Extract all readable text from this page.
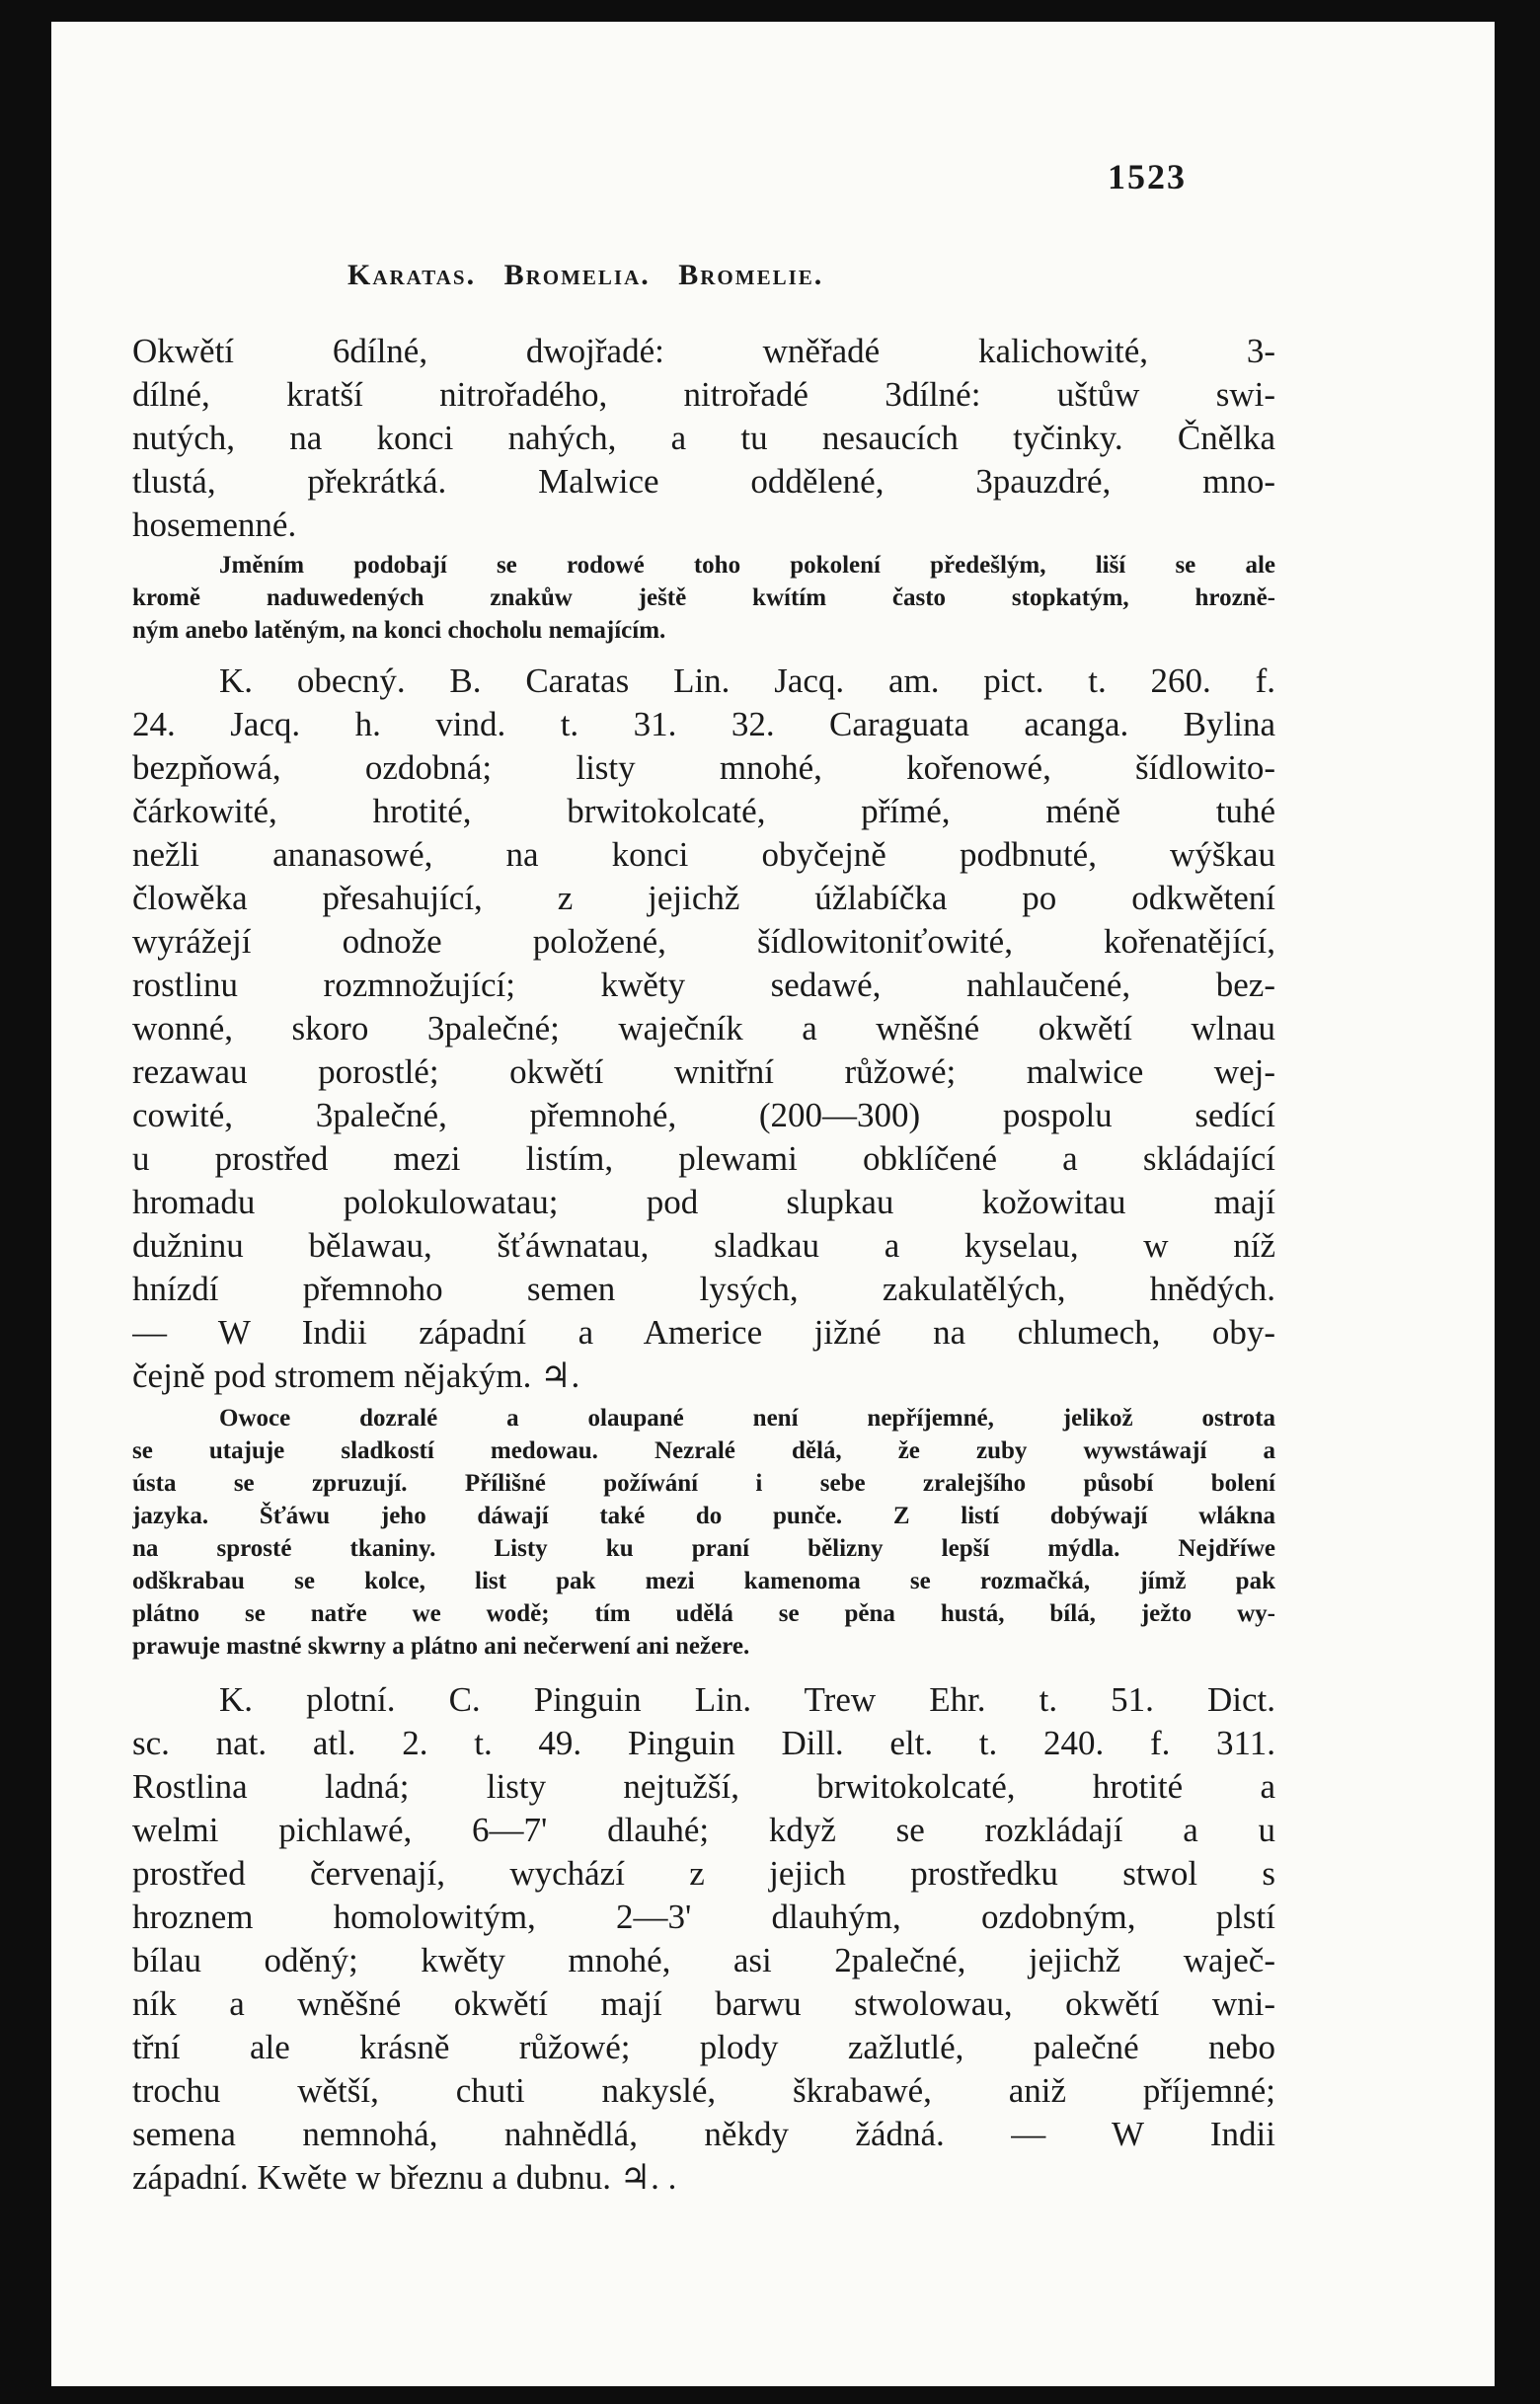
1523
Karatas.   Bromelia.   Bromelie.
Okwětí 6dílné, dwojřadé: wněřadé kalichowité, 3-
dílné, kratší nitrořadého, nitrořadé 3dílné: uštůw swi-
nutých, na konci nahých, a tu nesaucích tyčinky. Čnělka
tlustá, překrátká. Malwice oddělené, 3pauzdré, mno-
hosemenné.
Jměním podobají se rodowé toho pokolení předešlým, liší se ale
kromě naduwedených znakůw ještě kwítím často stopkatým, hrozně-
ným anebo latěným, na konci chocholu nemajícím.
K. obecný. B. Caratas Lin. Jacq. am. pict. t. 260. f.
24. Jacq. h. vind. t. 31. 32. Caraguata acanga. Bylina
bezpňowá, ozdobná; listy mnohé, kořenowé, šídlowito-
čárkowité, hrotité, brwitokolcaté, přímé, méně tuhé
nežli ananasowé, na konci obyčejně podbnuté, wýškau
člowěka přesahující, z jejichž úžlabíčka po odkwětení
wyrážejí odnože položené, šídlowitoniťowité, kořenatějící,
rostlinu rozmnožující; kwěty sedawé, nahlaučené, bez-
wonné, skoro 3palečné; waječník a wněšné okwětí wlnau
rezawau porostlé; okwětí wnitřní růžowé; malwice wej-
cowité, 3palečné, přemnohé, (200—300) pospolu sedící
u prostřed mezi listím, plewami obklíčené a skládající
hromadu polokulowatau; pod slupkau kožowitau mají
dužninu bělawau, šťáwnatau, sladkau a kyselau, w níž
hnízdí přemnoho semen lysých, zakulatělých, hnědých.
— W Indii západní a Americe jižné na chlumech, oby-
čejně pod stromem nějakým. ♃.
Owoce dozralé a olaupané není nepříjemné, jelikož ostrota
se utajuje sladkostí medowau. Nezralé dělá, že zuby wywstáwají a
ústa se zpruzují. Přílišné požíwání i sebe zralejšího působí bolení
jazyka. Šťáwu jeho dáwají také do punče. Z listí dobýwají wlákna
na sprosté tkaniny. Listy ku praní bělizny lepší mýdla. Nejdříwe
odškrabau se kolce, list pak mezi kamenoma se rozmačká, jímž pak
plátno se natře we wodě; tím udělá se pěna hustá, bílá, ježto wy-
prawuje mastné skwrny a plátno ani nečerwení ani nežere.
K. plotní. C. Pinguin Lin. Trew Ehr. t. 51. Dict.
sc. nat. atl. 2. t. 49. Pinguin Dill. elt. t. 240. f. 311.
Rostlina ladná; listy nejtužší, brwitokolcaté, hrotité a
welmi pichlawé, 6—7' dlauhé; když se rozkládají a u
prostřed červenají, wychází z jejich prostředku stwol s
hroznem homolowitým, 2—3' dlauhým, ozdobným, plstí
bílau oděný; kwěty mnohé, asi 2palečné, jejichž waječ-
ník a wněšné okwětí mají barwu stwolowau, okwětí wni-
třní ale krásně růžowé; plody zažlutlé, palečné nebo
trochu wětší, chuti nakyslé, škrabawé, aniž příjemné;
semena nemnohá, nahnědlá, někdy žádná. — W Indii
západní. Kwěte w březnu a dubnu. ♃. .
